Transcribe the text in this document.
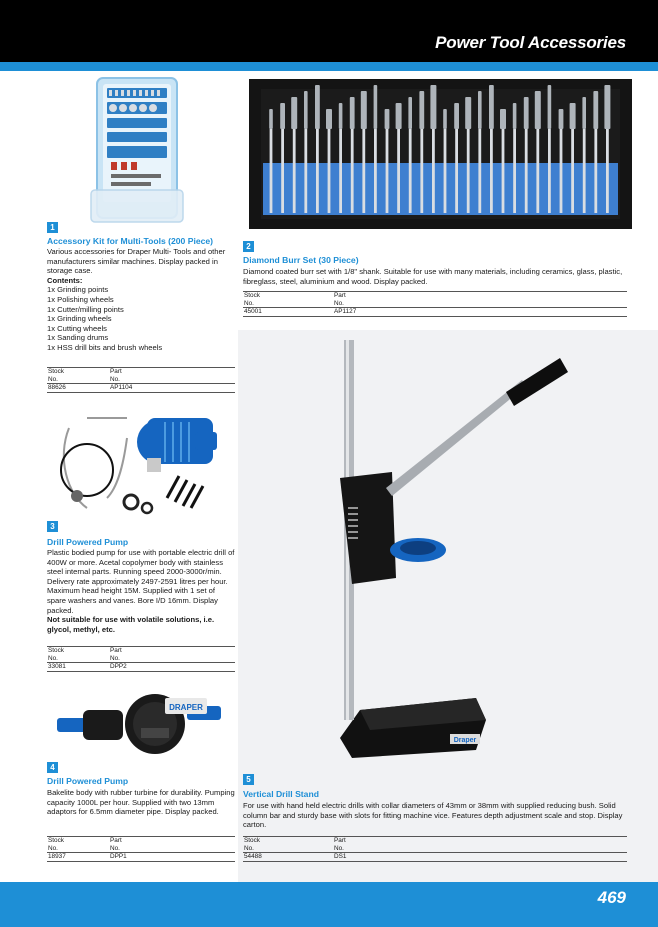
Power Tool Accessories
1
Accessory Kit for Multi-Tools (200 Piece)
Various accessories for Draper Multi- Tools and other manufacturers similar machines. Display packed in storage case.
Contents:
1x Grinding points
1x Polishing wheels
1x Cutter/milling points
1x Grinding wheels
1x Cutting wheels
1x Sanding drums
1x HSS drill bits and brush wheels
Stock
No.
Part
No.
88626	AP1104
2
Diamond Burr Set (30 Piece)
Diamond coated burr set with 1/8" shank. Suitable for use with many materials, including ceramics, glass, plastic, fibreglass, steel, aluminium and wood. Display packed.
Stock
No.
Part
No.
45001	AP1127
3
Drill Powered Pump
Plastic bodied pump for use with portable electric drill of 400W or more. Acetal copolymer body with stainless steel internal parts. Running speed 2000-3000r/min. Delivery rate approximately 2497-2591 litres per hour. Maximum head height 15M. Supplied with 1 set of spare washers and vanes. Bore I/D 16mm. Display packed.
Not suitable for use with volatile solutions, i.e. glycol, methyl, etc.
Stock
No.
Part
No.
33081	DPP2
DRAPER
4
Drill Powered Pump
Bakelite body with rubber turbine for durability. Pumping capacity 1000L per hour. Supplied with two 13mm adaptors for 6.5mm diameter pipe. Display packed.
Stock
No.
Part
No.
18937	DPP1
Draper
5
Vertical Drill Stand
For use with hand held electric drills with collar diameters of 43mm or 38mm with supplied reducing bush. Solid column bar and sturdy base with slots for fitting machine vice. Features depth adjustment scale and stop. Display carton.
Stock
No.
Part
No.
54488	DS1
469
